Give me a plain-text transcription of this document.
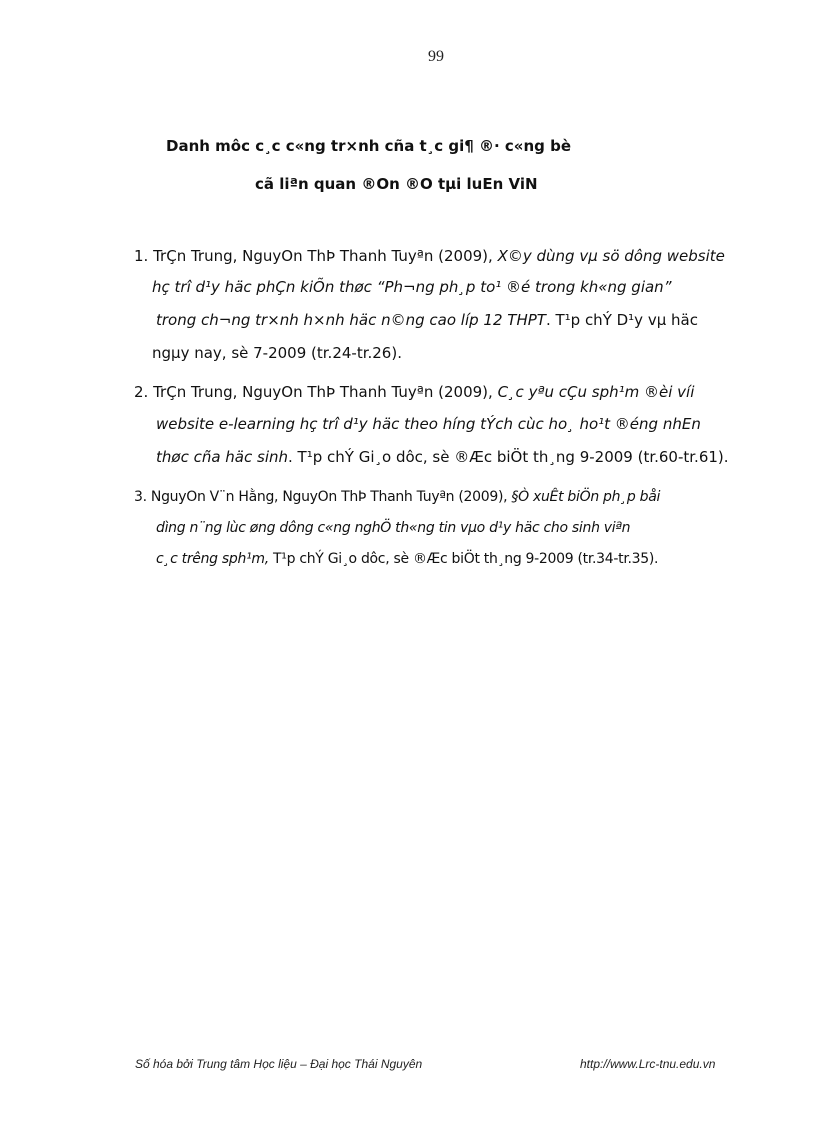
99
Danh môc c¸c c«ng tr×nh cña t¸c gi¶ ®· c«ng bè
cã liªn quan ®On ®O tµi luEn ViN
1. TrÇn Trung, NguyOn ThÞ Thanh Tuyªn (2009), X©y dùng vµ sö dông website
hç trî d¹y häc phÇn kiÕn thøc “Ph¬ng ph¸p to¹ ®é trong kh«ng gian”
trong ch¬ng tr×nh h×nh häc n©ng cao líp 12 THPT. T¹p chÝ D¹y vµ häc
ngµy nay, sè 7-2009 (tr.24-tr.26).
2. TrÇn Trung, NguyOn ThÞ Thanh Tuyªn (2009), C¸c yªu cÇu sph¹m ®èi víi
website e-learning hç trî d¹y häc theo híng tÝch cùc ho¸ ho¹t ®éng nhEn
thøc cña häc sinh. T¹p chÝ Gi¸o dôc, sè ®Æc biÖt th¸ng 9-2009 (tr.60-tr.61).
3. NguyOn V¨n Hằng, NguyOn ThÞ Thanh Tuyªn (2009), §Ò xuÊt biÖn ph¸p båi
dìng n¨ng lùc øng dông c«ng nghÖ th«ng tin vµo d¹y häc cho sinh viªn
c¸c trêng sph¹m, T¹p chÝ Gi¸o dôc, sè ®Æc biÖt th¸ng 9-2009 (tr.34-tr.35).
Số hóa bởi Trung tâm Học liệu – Đại học Thái Nguyên	http://www.Lrc-tnu.edu.vn
